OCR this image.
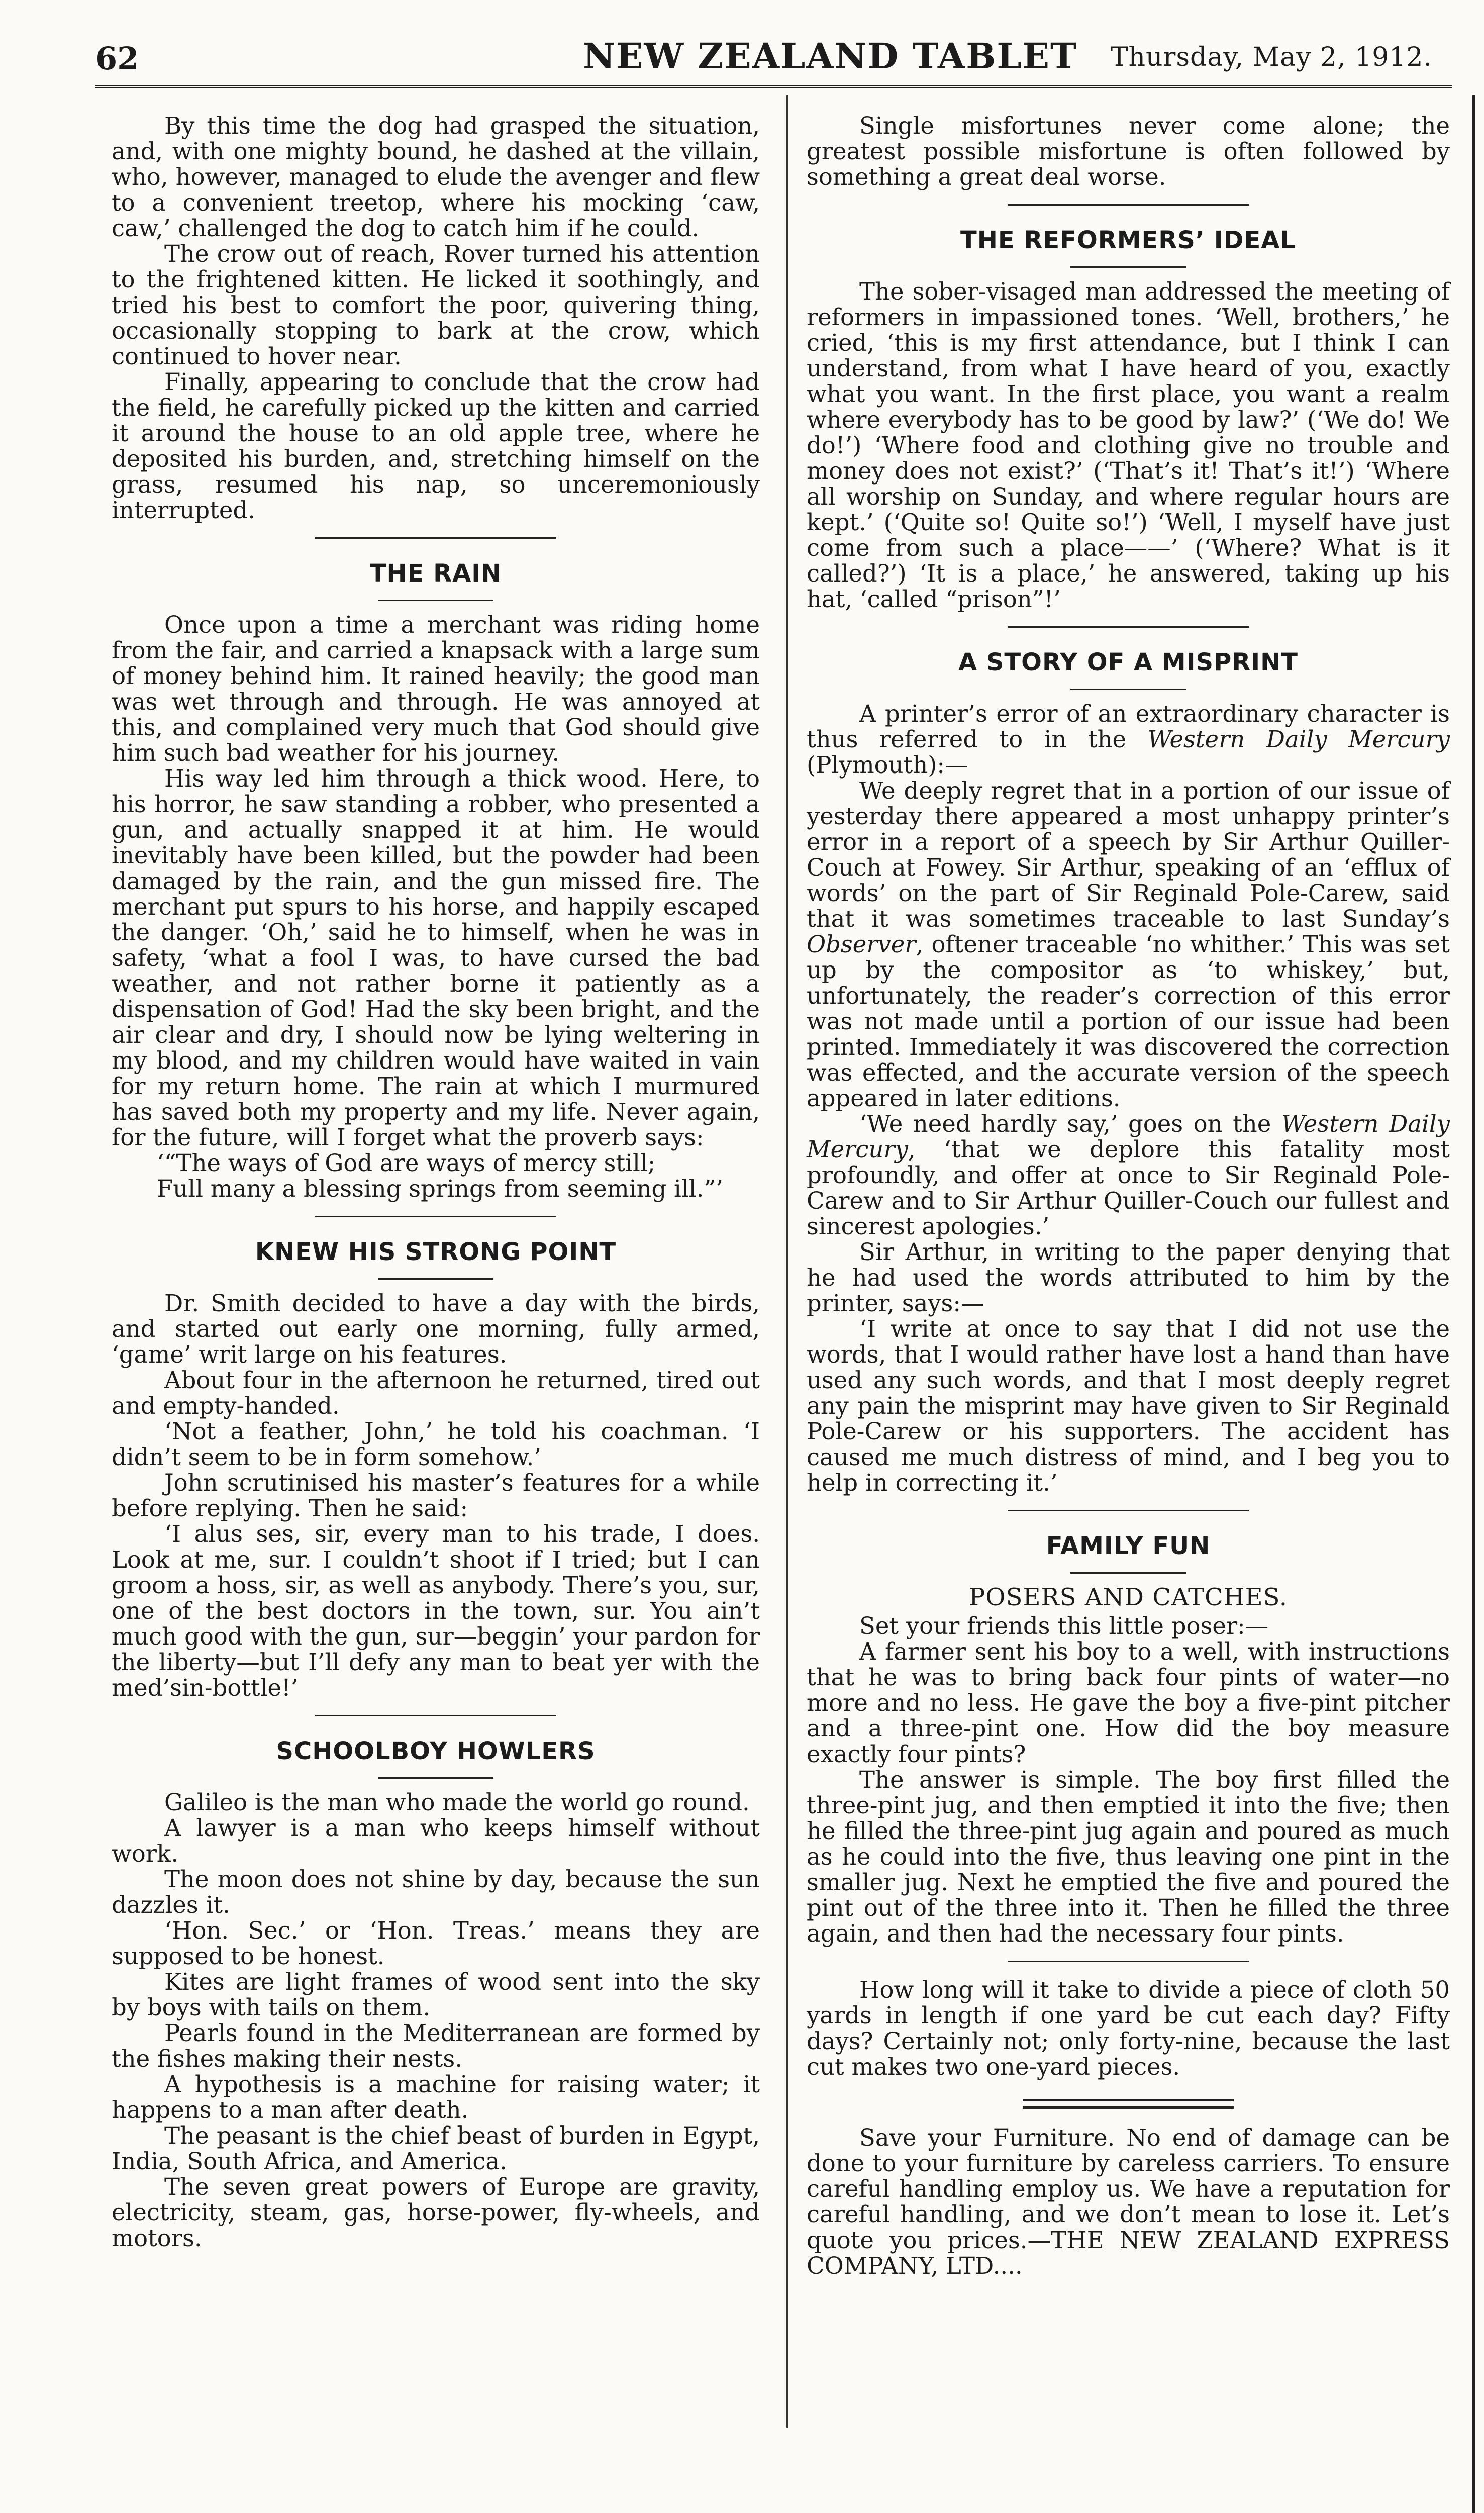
62	NEW ZEALAND TABLET Thursday, May 2, 1912.

By this time the dog had grasped the situation, and, with one mighty bound, he dashed at the villain, who, however, managed to elude the avenger and flew to a convenient treetop, where his mocking ‘caw, caw,’ challenged the dog to catch him if he could.

The crow out of reach, Rover turned his attention to the frightened kitten. He licked it soothingly, and tried his best to comfort the poor, quivering thing, occasionally stopping to bark at the crow, which continued to hover near.

Finally, appearing to conclude that the crow had the field, he carefully picked up the kitten and carried it around the house to an old apple tree, where he deposited his burden, and, stretching himself on the grass, resumed his nap, so unceremoniously interrupted.

THE RAIN

Once upon a time a merchant was riding home from the fair, and carried a knapsack with a large sum of money behind him. It rained heavily; the good man was wet through and through. He was annoyed at this, and complained very much that God should give him such bad weather for his journey.

His way led him through a thick wood. Here, to his horror, he saw standing a robber, who presented a gun, and actually snapped it at him. He would inevitably have been killed, but the powder had been damaged by the rain, and the gun missed fire. The merchant put spurs to his horse, and happily escaped the danger. ‘Oh,’ said he to himself, when he was in safety, ‘what a fool I was, to have cursed the bad weather, and not rather borne it patiently as a dispensation of God! Had the sky been bright, and the air clear and dry, I should now be lying weltering in my blood, and my children would have waited in vain for my return home. The rain at which I murmured has saved both my property and my life. Never again, for the future, will I forget what the proverb says:

‘“The ways of God are ways of mercy still;

Full many a blessing springs from seeming ill.”’

KNEW HIS STRONG POINT

Dr. Smith decided to have a day with the birds, and started out early one morning, fully armed, ‘game’ writ large on his features.

About four in the afternoon he returned, tired out and empty-handed.

‘Not a feather, John,’ he told his coachman. ‘I didn’t seem to be in form somehow.’

John scrutinised his master’s features for a while before replying. Then he said:

‘I alus ses, sir, every man to his trade, I does. Look at me, sur. I couldn’t shoot if I tried; but I can groom a hoss, sir, as well as anybody. There’s you, sur, one of the best doctors in the town, sur. You ain’t much good with the gun, sur—beggin’ your pardon for the liberty—but I’ll defy any man to beat yer with the med’sin-bottle!’

SCHOOLBOY HOWLERS

Galileo is the man who made the world go round.

A lawyer is a man who keeps himself without work.

The moon does not shine by day, because the sun dazzles it.

‘Hon. Sec.’ or ‘Hon. Treas.’ means they are supposed to be honest.

Kites are light frames of wood sent into the sky by boys with tails on them.

Pearls found in the Mediterranean are formed by the fishes making their nests.

A hypothesis is a machine for raising water; it happens to a man after death.

The peasant is the chief beast of burden in Egypt, India, South Africa, and America.

The seven great powers of Europe are gravity, electricity, steam, gas, horse-power, fly-wheels, and motors.

Single misfortunes never come alone; the greatest possible misfortune is often followed by something a great deal worse.

THE REFORMERS’ IDEAL

The sober-visaged man addressed the meeting of reformers in impassioned tones. ‘Well, brothers,’ he cried, ‘this is my first attendance, but I think I can understand, from what I have heard of you, exactly what you want. In the first place, you want a realm where everybody has to be good by law?’ (‘We do! We do!’) ‘Where food and clothing give no trouble and money does not exist?’ (‘That’s it! That’s it!’) ‘Where all worship on Sunday, and where regular hours are kept.’ (‘Quite so! Quite so!’) ‘Well, I myself have just come from such a place——’ (‘Where? What is it called?’) ‘It is a place,’ he answered, taking up his hat, ‘called “prison”!’

A STORY OF A MISPRINT

A printer’s error of an extraordinary character is thus referred to in the Western Daily Mercury (Plymouth):—

We deeply regret that in a portion of our issue of yesterday there appeared a most unhappy printer’s error in a report of a speech by Sir Arthur Quiller-Couch at Fowey. Sir Arthur, speaking of an ‘efflux of words’ on the part of Sir Reginald Pole-Carew, said that it was sometimes traceable to last Sunday’s Observer, oftener traceable ‘no whither.’ This was set up by the compositor as ‘to whiskey,’ but, unfortunately, the reader’s correction of this error was not made until a portion of our issue had been printed. Immediately it was discovered the correction was effected, and the accurate version of the speech appeared in later editions.

‘We need hardly say,’ goes on the Western Daily Mercury, ‘that we deplore this fatality most profoundly, and offer at once to Sir Reginald Pole-Carew and to Sir Arthur Quiller-Couch our fullest and sincerest apologies.’

Sir Arthur, in writing to the paper denying that he had used the words attributed to him by the printer, says:—

‘I write at once to say that I did not use the words, that I would rather have lost a hand than have used any such words, and that I most deeply regret any pain the misprint may have given to Sir Reginald Pole-Carew or his supporters. The accident has caused me much distress of mind, and I beg you to help in correcting it.’

FAMILY FUN
POSERS AND CATCHES.

Set your friends this little poser:—

A farmer sent his boy to a well, with instructions that he was to bring back four pints of water—no more and no less. He gave the boy a five-pint pitcher and a three-pint one. How did the boy measure exactly four pints?

The answer is simple. The boy first filled the three-pint jug, and then emptied it into the five; then he filled the three-pint jug again and poured as much as he could into the five, thus leaving one pint in the smaller jug. Next he emptied the five and poured the pint out of the three into it. Then he filled the three again, and then had the necessary four pints.

How long will it take to divide a piece of cloth 50 yards in length if one yard be cut each day? Fifty days? Certainly not; only forty-nine, because the last cut makes two one-yard pieces.

Save your Furniture. No end of damage can be done to your furniture by careless carriers. To ensure careful handling employ us. We have a reputation for careful handling, and we don’t mean to lose it. Let’s quote you prices.—THE NEW ZEALAND EXPRESS COMPANY, LTD....
